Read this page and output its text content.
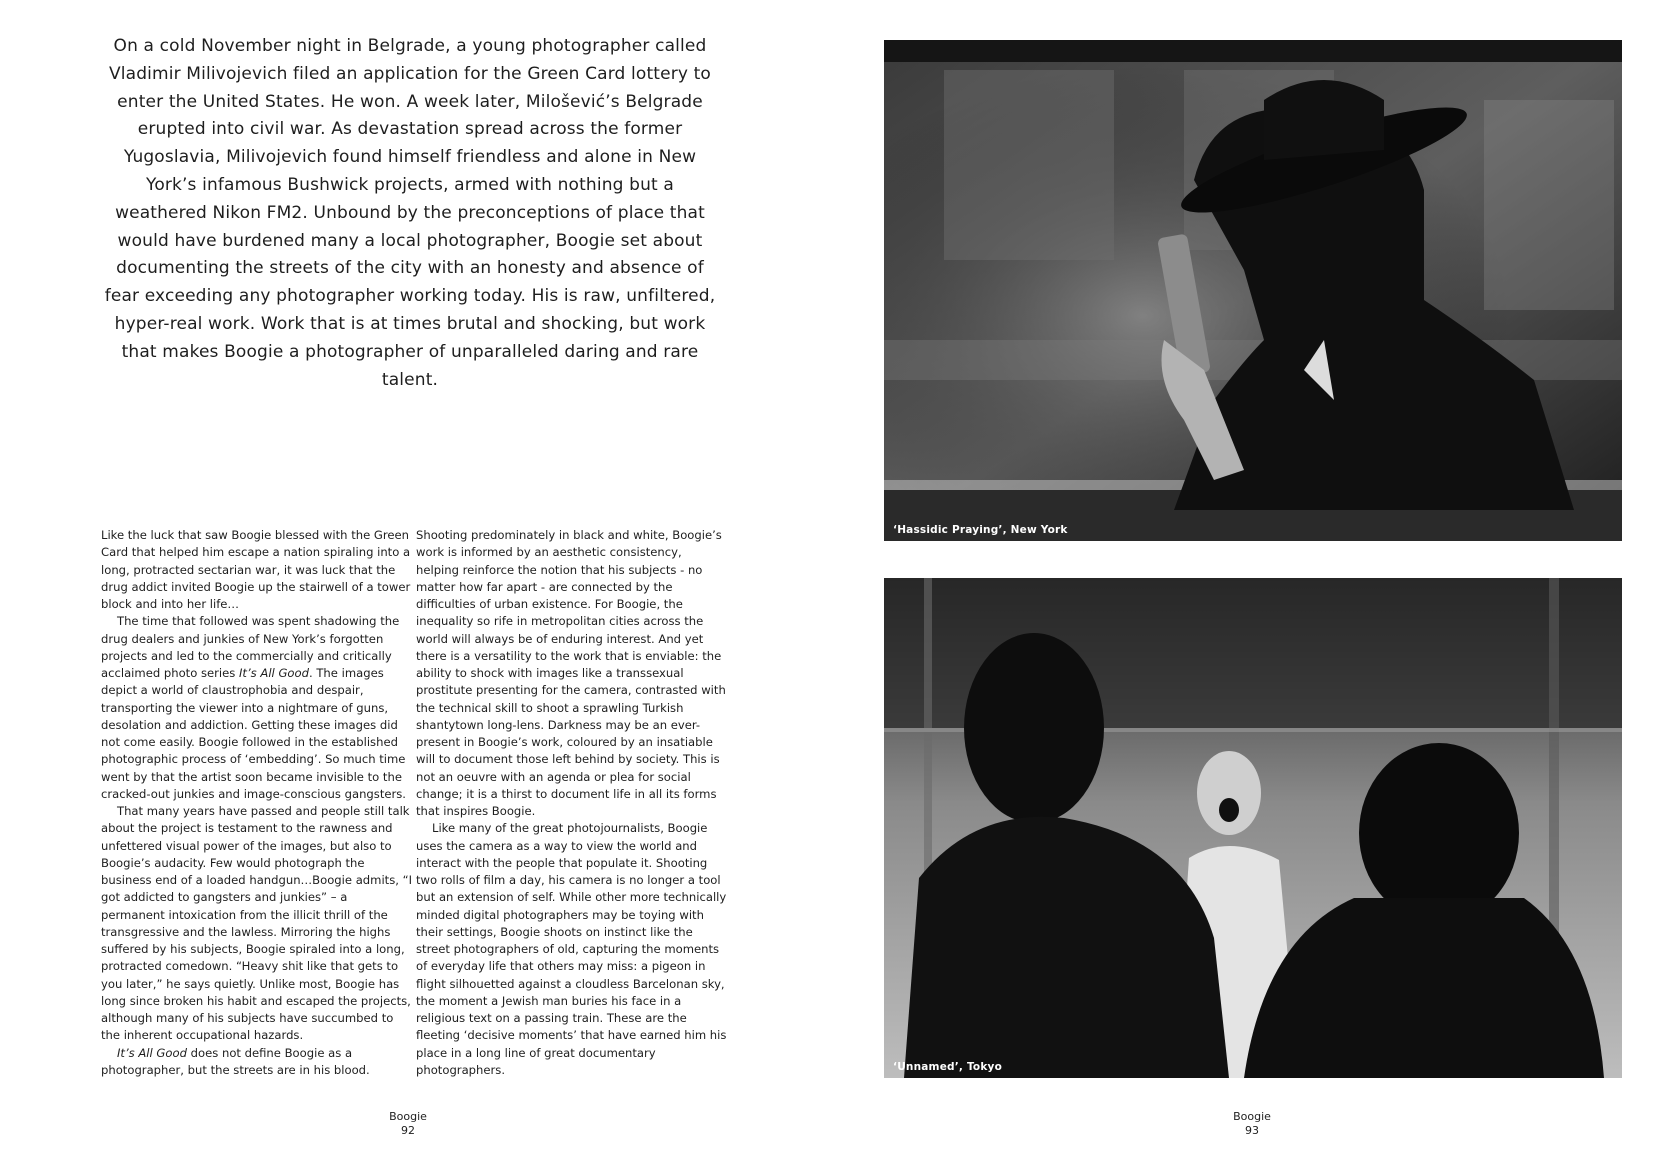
On a cold November night in Belgrade, a young photographer called Vladimir Milivojevich filed an application for the Green Card lottery to enter the United States. He won. A week later, Milošević’s Belgrade erupted into civil war. As devastation spread across the former Yugoslavia, Milivojevich found himself friendless and alone in New York’s infamous Bushwick projects, armed with nothing but a weathered Nikon FM2. Unbound by the preconceptions of place that would have burdened many a local photographer, Boogie set about documenting the streets of the city with an honesty and absence of fear exceeding any photographer working today. His is raw, unfiltered, hyper-real work. Work that is at times brutal and shocking, but work that makes Boogie a photographer of unparalleled daring and rare talent.

Like the luck that saw Boogie blessed with the Green Card that helped him escape a nation spiraling into a long, protracted sectarian war, it was luck that the drug addict invited Boogie up the stairwell of a tower block and into her life…

The time that followed was spent shadowing the drug dealers and junkies of New York’s forgotten projects and led to the commercially and critically acclaimed photo series It’s All Good. The images depict a world of claustrophobia and despair, transporting the viewer into a nightmare of guns, desolation and addiction. Getting these images did not come easily. Boogie followed in the established photographic process of ‘embedding’. So much time went by that the artist soon became invisible to the cracked-out junkies and image-conscious gangsters.

That many years have passed and people still talk about the project is testament to the rawness and unfettered visual power of the images, but also to Boogie’s audacity. Few would photograph the business end of a loaded handgun…Boogie admits, “I got addicted to gangsters and junkies” – a permanent intoxication from the illicit thrill of the transgressive and the lawless. Mirroring the highs suffered by his subjects, Boogie spiraled into a long, protracted comedown. “Heavy shit like that gets to you later,” he says quietly. Unlike most, Boogie has long since broken his habit and escaped the projects, although many of his subjects have succumbed to the inherent occupational hazards.

It’s All Good does not define Boogie as a photographer, but the streets are in his blood.

Shooting predominately in black and white, Boogie’s work is informed by an aesthetic consistency, helping reinforce the notion that his subjects - no matter how far apart - are connected by the difficulties of urban existence. For Boogie, the inequality so rife in metropolitan cities across the world will always be of enduring interest. And yet there is a versatility to the work that is enviable: the ability to shock with images like a transsexual prostitute presenting for the camera, contrasted with the technical skill to shoot a sprawling Turkish shantytown long-lens. Darkness may be an ever-present in Boogie’s work, coloured by an insatiable will to document those left behind by society. This is not an oeuvre with an agenda or plea for social change; it is a thirst to document life in all its forms that inspires Boogie.

Like many of the great photojournalists, Boogie uses the camera as a way to view the world and interact with the people that populate it. Shooting two rolls of film a day, his camera is no longer a tool but an extension of self. While other more technically minded digital photographers may be toying with their settings, Boogie shoots on instinct like the street photographers of old, capturing the moments of everyday life that others may miss: a pigeon in flight silhouetted against a cloudless Barcelonan sky, the moment a Jewish man buries his face in a religious text on a passing train. These are the fleeting ‘decisive moments’ that have earned him his place in a long line of great documentary photographers.

Boogie
92
‘Hassidic Praying’, New York
‘Unnamed’, Tokyo
Boogie
93
